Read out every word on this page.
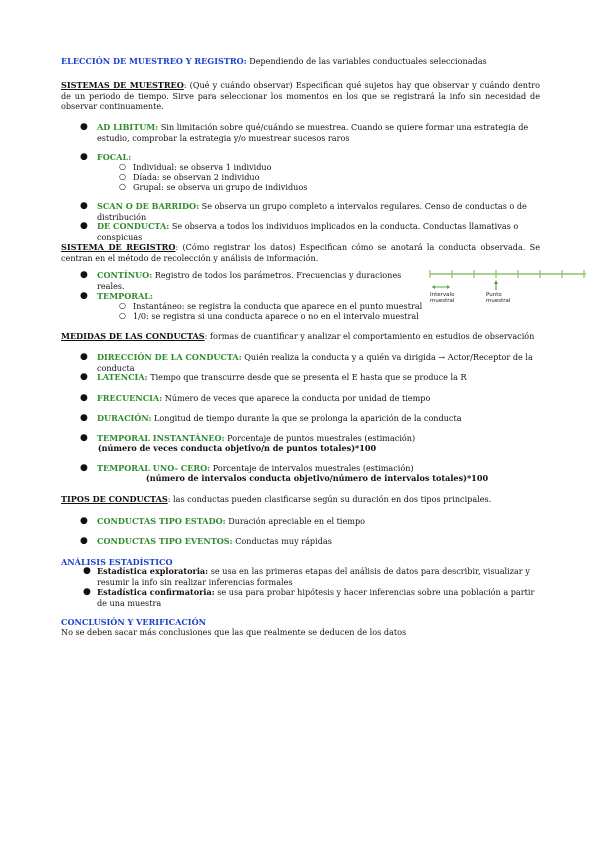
ELECCIÓN DE MUESTREO Y REGISTRO: Dependiendo de las variables conductuales seleccionadas
SISTEMAS DE MUESTREO: (Qué y cuándo observar) Especifican qué sujetos hay que observar y cuándo dentro de un periodo de tiempo. Sirve para seleccionar los momentos en los que se registrará la info sin necesidad de observar continuamente.
● AD LIBITUM: Sin limitación sobre qué/cuándo se muestrea. Cuando se quiere formar una estrategia de estudio, comprobar la estrategia y/o muestrear sucesos raros
● FOCAL:
○ Individual: se observa 1 individuo
○ Díada: se observan 2 individuo
○ Grupal: se observa un grupo de individuos
● SCAN O DE BARRIDO: Se observa un grupo completo a intervalos regulares. Censo de conductas o de distribución
● DE CONDUCTA: Se observa a todos los individuos implicados en la conducta. Conductas llamativas o conspicuas
SISTEMA DE REGISTRO: (Cómo registrar los datos) Especifican cómo se anotará la conducta observada. Se centran en el método de recolección y análisis de información.
● CONTÍNUO: Registro de todos los parámetros. Frecuencias y duraciones reales.
● TEMPORAL:
○ Instantáneo: se registra la conducta que aparece en el punto muestral
○ 1/0: se registra si una conducta aparece o no en el intervalo muestral
Intervalo muestral
Punto muestral
MEDIDAS DE LAS CONDUCTAS: formas de cuantificar y analizar el comportamiento en estudios de observación
● DIRECCIÓN DE LA CONDUCTA: Quién realiza la conducta y a quién va dirigida → Actor/Receptor de la conducta
● LATENCIA: Tiempo que transcurre desde que se presenta el E hasta que se produce la R
● FRECUENCIA: Número de veces que aparece la conducta por unidad de tiempo
● DURACIÓN: Longitud de tiempo durante la que se prolonga la aparición de la conducta
● TEMPORAL INSTANTÁNEO: Porcentaje de puntos muestrales (estimación)
(número de veces conducta objetivo/n de puntos totales)*100
● TEMPORAL UNO- CERO: Porcentaje de intervalos muestrales (estimación)
(número de intervalos conducta objetivo/número de intervalos totales)*100
TIPOS DE CONDUCTAS: las conductas pueden clasificarse según su duración en dos tipos principales.
● CONDUCTAS TIPO ESTADO: Duración apreciable en el tiempo
● CONDUCTAS TIPO EVENTOS: Conductas muy rápidas
ANÁLISIS ESTADÍSTICO
● Estadística exploratoria: se usa en las primeras etapas del análisis de datos para describir, visualizar y resumir la info sin realizar inferencias formales
● Estadística confirmatoria: se usa para probar hipótesis y hacer inferencias sobre una población a partir de una muestra
CONCLUSIÓN Y VERIFICACIÓN
No se deben sacar más conclusiones que las que realmente se deducen de los datos
